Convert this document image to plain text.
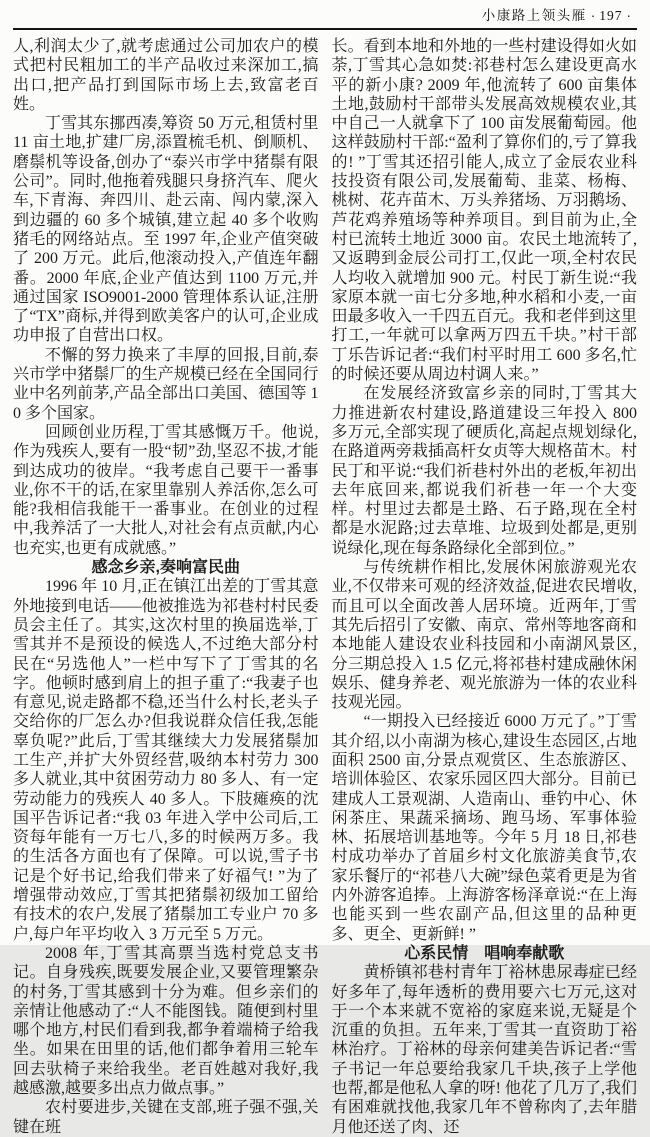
小康路上领头雁 · 197 ·

人,利润太少了,就考虑通过公司加农户的模式把村民粗加工的半产品收过来深加工,搞出口,把产品打到国际市场上去,致富老百姓。

丁雪其东挪西凑,筹资 50 万元,租赁村里 11 亩土地,扩建厂房,添置梳毛机、倒顺机、磨鬃机等设备,创办了“泰兴市学中猪鬃有限公司”。同时,他拖着残腿只身挤汽车、爬火车,下青海、奔四川、赴云南、闯内蒙,深入到边疆的 60 多个城镇,建立起 40 多个收购猪毛的网络站点。至 1997 年,企业产值突破了 200 万元。此后,他滚动投入,产值连年翻番。2000 年底,企业产值达到 1100 万元,并通过国家 ISO9001-2000 管理体系认证,注册了“TX”商标,并得到欧美客户的认可,企业成功申报了自营出口权。

不懈的努力换来了丰厚的回报,目前,泰兴市学中猪鬃厂的生产规模已经在全国同行业中名列前茅,产品全部出口美国、德国等 10 多个国家。

回顾创业历程,丁雪其感慨万千。他说,作为残疾人,要有一股“韧”劲,坚忍不拔,才能到达成功的彼岸。“我考虑自己要干一番事业,你不干的话,在家里靠别人养活你,怎么可能?我相信我能干一番事业。在创业的过程中,我养活了一大批人,对社会有点贡献,内心也充实,也更有成就感。”

感念乡亲,奏响富民曲

1996 年 10 月,正在镇江出差的丁雪其意外地接到电话——他被推选为祁巷村村民委员会主任了。其实,这次村里的换届选举,丁雪其并不是预设的候选人,不过绝大部分村民在“另选他人”一栏中写下了丁雪其的名字。他顿时感到肩上的担子重了:“我妻子也有意见,说走路都不稳,还当什么村长,老头子交给你的厂怎么办?但我说群众信任我,怎能辜负呢?”此后,丁雪其继续大力发展猪鬃加工生产,并扩大外贸经营,吸纳本村劳力 300 多人就业,其中贫困劳动力 80 多人、有一定劳动能力的残疾人 40 多人。下肢瘫痪的沈国平告诉记者:“我 03 年进入学中公司后,工资每年能有一万七八,多的时候两万多。我的生活各方面也有了保障。可以说,雪子书记是个好书记,给我们带来了好福气! ”为了增强带动效应,丁雪其把猪鬃初级加工留给有技术的农户,发展了猪鬃加工专业户 70 多户,每户年平均收入 3 万元至 5 万元。

2008 年,丁雪其高票当选村党总支书记。自身残疾,既要发展企业,又要管理繁杂的村务,丁雪其感到十分为难。但乡亲们的亲情让他感动了:“人不能图钱。随便到村里哪个地方,村民们看到我,都争着端椅子给我坐。如果在田里的话,他们都争着用三轮车回去驮椅子来给我坐。老百姓越对我好,我越感激,越要多出点力做点事。”

农村要进步,关键在支部,班子强不强,关键在班

长。看到本地和外地的一些村建设得如火如荼,丁雪其心急如焚:祁巷村怎么建设更高水平的新小康? 2009 年,他流转了 600 亩集体土地,鼓励村干部带头发展高效规模农业,其中自己一人就拿下了 100 亩发展葡萄园。他这样鼓励村干部:“盈利了算你们的,亏了算我的! ”丁雪其还招引能人,成立了金辰农业科技投资有限公司,发展葡萄、韭菜、杨梅、桃树、花卉苗木、万头养猪场、万羽鹅场、芦花鸡养殖场等种养项目。到目前为止,全村已流转土地近 3000 亩。农民土地流转了,又返聘到金辰公司打工,仅此一项,全村农民人均收入就增加 900 元。村民丁新生说:“我家原本就一亩七分多地,种水稻和小麦,一亩田最多收入一千四五百元。我和老伴到这里打工,一年就可以拿两万四五千块。”村干部丁乐告诉记者:“我们村平时用工 600 多名,忙的时候还要从周边村调人来。”

在发展经济致富乡亲的同时,丁雪其大力推进新农村建设,路道建设三年投入 800 多万元,全部实现了硬质化,高起点规划绿化,在路道两旁栽插高杆女贞等大规格苗木。村民丁和平说:“我们祈巷村外出的老板,年初出去年底回来,都说我们祈巷一年一个大变样。村里过去都是土路、石子路,现在全村都是水泥路;过去草堆、垃圾到处都是,更别说绿化,现在每条路绿化全部到位。”

与传统耕作相比,发展休闲旅游观光农业,不仅带来可观的经济效益,促进农民增收,而且可以全面改善人居环境。近两年,丁雪其先后招引了安徽、南京、常州等地客商和本地能人建设农业科技园和小南湖风景区,分三期总投入 1.5 亿元,将祁巷村建成融休闲娱乐、健身养老、观光旅游为一体的农业科技观光园。

“一期投入已经接近 6000 万元了。”丁雪其介绍,以小南湖为核心,建设生态园区,占地面积 2500 亩,分景点观赏区、生态旅游区、培训体验区、农家乐园区四大部分。目前已建成人工景观湖、人造南山、垂钓中心、休闲茶庄、果蔬采摘场、跑马场、军事体验林、拓展培训基地等。今年 5 月 18 日,祁巷村成功举办了首届乡村文化旅游美食节,农家乐餐厅的“祁巷八大碗”绿色菜肴更是为省内外游客追捧。上海游客杨泽章说:“在上海也能买到一些农副产品,但这里的品种更多、更全、更新鲜! ”

心系民情　唱响奉献歌

黄桥镇祁巷村青年丁裕林患尿毒症已经好多年了,每年透析的费用要六七万元,这对于一个本来就不宽裕的家庭来说,无疑是个沉重的负担。五年来,丁雪其一直资助丁裕林治疗。丁裕林的母亲何建美告诉记者:“雪子书记一年总要给我家几千块,孩子上学他也帮,都是他私人拿的呀! 他花了几万了,我们有困难就找他,我家几年不曾称肉了,去年腊月他还送了肉、还
